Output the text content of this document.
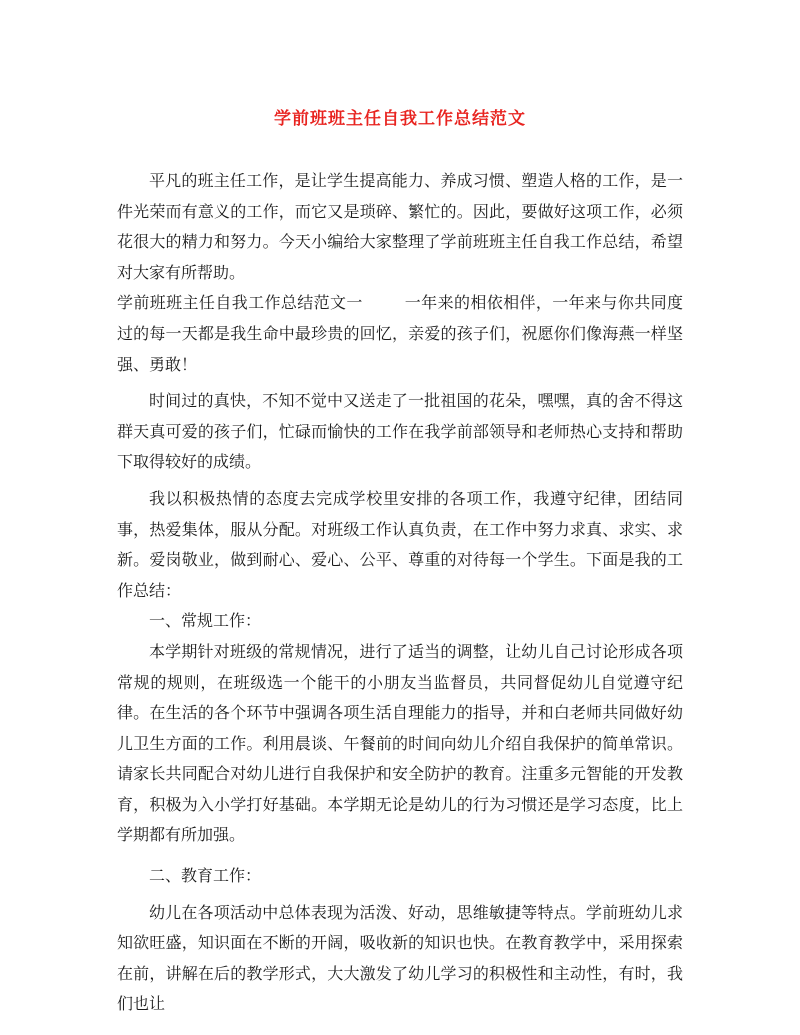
学前班班主任自我工作总结范文

平凡的班主任工作，是让学生提高能力、养成习惯、塑造人格的工作，是一件光荣而有意义的工作，而它又是琐碎、繁忙的。因此，要做好这项工作，必须花很大的精力和努力。今天小编给大家整理了学前班班主任自我工作总结，希望对大家有所帮助。

学前班班主任自我工作总结范文一	一年来的相依相伴，一年来与你共同度过的每一天都是我生命中最珍贵的回忆，亲爱的孩子们，祝愿你们像海燕一样坚强、勇敢！

时间过的真快，不知不觉中又送走了一批祖国的花朵，嘿嘿，真的舍不得这群天真可爱的孩子们，忙碌而愉快的工作在我学前部领导和老师热心支持和帮助下取得较好的成绩。

我以积极热情的态度去完成学校里安排的各项工作，我遵守纪律，团结同事，热爱集体，服从分配。对班级工作认真负责，在工作中努力求真、求实、求新。爱岗敬业，做到耐心、爱心、公平、尊重的对待每一个学生。下面是我的工作总结：

一、常规工作：

本学期针对班级的常规情况，进行了适当的调整，让幼儿自己讨论形成各项常规的规则，在班级选一个能干的小朋友当监督员，共同督促幼儿自觉遵守纪律。在生活的各个环节中强调各项生活自理能力的指导，并和白老师共同做好幼儿卫生方面的工作。利用晨谈、午餐前的时间向幼儿介绍自我保护的简单常识。请家长共同配合对幼儿进行自我保护和安全防护的教育。注重多元智能的开发教育，积极为入小学打好基础。本学期无论是幼儿的行为习惯还是学习态度，比上学期都有所加强。

二、教育工作：

幼儿在各项活动中总体表现为活泼、好动，思维敏捷等特点。学前班幼儿求知欲旺盛，知识面在不断的开阔，吸收新的知识也快。在教育教学中，采用探索在前，讲解在后的教学形式，大大激发了幼儿学习的积极性和主动性，有时，我们也让
